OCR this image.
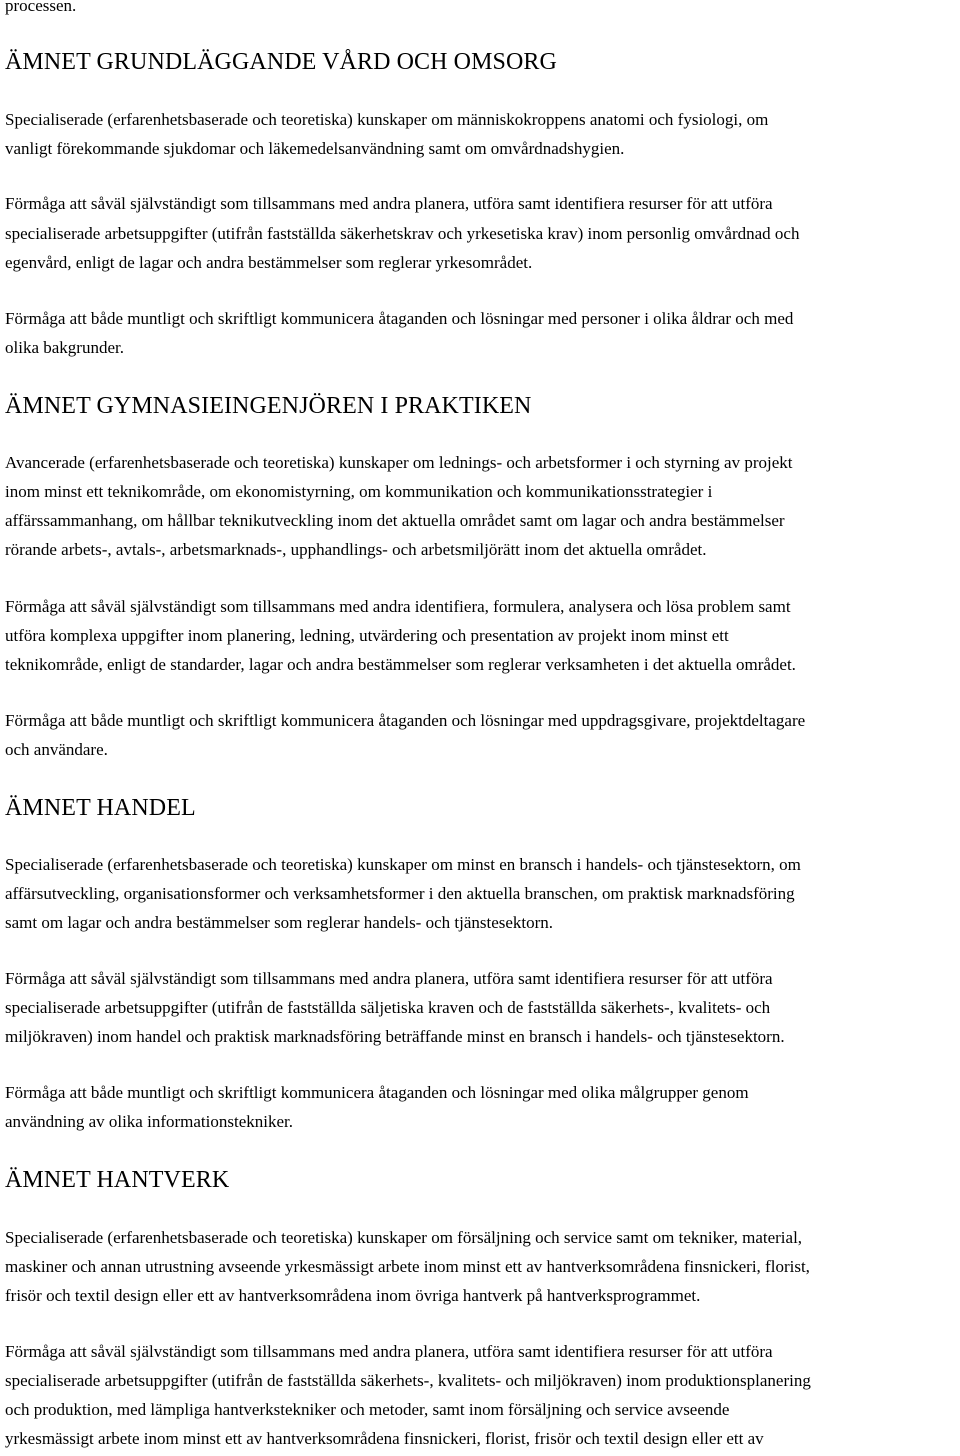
processen.
ÄMNET GRUNDLÄGGANDE VÅRD OCH OMSORG
Specialiserade (erfarenhetsbaserade och teoretiska) kunskaper om människokroppens anatomi och fysiologi, om
vanligt förekommande sjukdomar och läkemedelsanvändning samt om omvårdnadshygien.
Förmåga att såväl självständigt som tillsammans med andra planera, utföra samt identifiera resurser för att utföra
specialiserade arbetsuppgifter (utifrån fastställda säkerhetskrav och yrkesetiska krav) inom personlig omvårdnad och
egenvård, enligt de lagar och andra bestämmelser som reglerar yrkesområdet.
Förmåga att både muntligt och skriftligt kommunicera åtaganden och lösningar med personer i olika åldrar och med
olika bakgrunder.
ÄMNET GYMNASIEINGENJÖREN I PRAKTIKEN
Avancerade (erfarenhetsbaserade och teoretiska) kunskaper om lednings- och arbetsformer i och styrning av projekt
inom minst ett teknikområde, om ekonomistyrning, om kommunikation och kommunikationsstrategier i
affärssammanhang, om hållbar teknikutveckling inom det aktuella området samt om lagar och andra bestämmelser
rörande arbets-, avtals-, arbetsmarknads-, upphandlings- och arbetsmiljörätt inom det aktuella området.
Förmåga att såväl självständigt som tillsammans med andra identifiera, formulera, analysera och lösa problem samt
utföra komplexa uppgifter inom planering, ledning, utvärdering och presentation av projekt inom minst ett
teknikområde, enligt de standarder, lagar och andra bestämmelser som reglerar verksamheten i det aktuella området.
Förmåga att både muntligt och skriftligt kommunicera åtaganden och lösningar med uppdragsgivare, projektdeltagare
och användare.
ÄMNET HANDEL
Specialiserade (erfarenhetsbaserade och teoretiska) kunskaper om minst en bransch i handels- och tjänstesektorn, om
affärsutveckling, organisationsformer och verksamhetsformer i den aktuella branschen, om praktisk marknadsföring
samt om lagar och andra bestämmelser som reglerar handels- och tjänstesektorn.
Förmåga att såväl självständigt som tillsammans med andra planera, utföra samt identifiera resurser för att utföra
specialiserade arbetsuppgifter (utifrån de fastställda säljetiska kraven och de fastställda säkerhets-, kvalitets- och
miljökraven) inom handel och praktisk marknadsföring beträffande minst en bransch i handels- och tjänstesektorn.
Förmåga att både muntligt och skriftligt kommunicera åtaganden och lösningar med olika målgrupper genom
användning av olika informationstekniker.
ÄMNET HANTVERK
Specialiserade (erfarenhetsbaserade och teoretiska) kunskaper om försäljning och service samt om tekniker, material,
maskiner och annan utrustning avseende yrkesmässigt arbete inom minst ett av hantverksområdena finsnickeri, florist,
frisör och textil design eller ett av hantverksområdena inom övriga hantverk på hantverksprogrammet.
Förmåga att såväl självständigt som tillsammans med andra planera, utföra samt identifiera resurser för att utföra
specialiserade arbetsuppgifter (utifrån de fastställda säkerhets-, kvalitets- och miljökraven) inom produktionsplanering
och produktion, med lämpliga hantverkstekniker och metoder, samt inom försäljning och service avseende
yrkesmässigt arbete inom minst ett av hantverksområdena finsnickeri, florist, frisör och textil design eller ett av
